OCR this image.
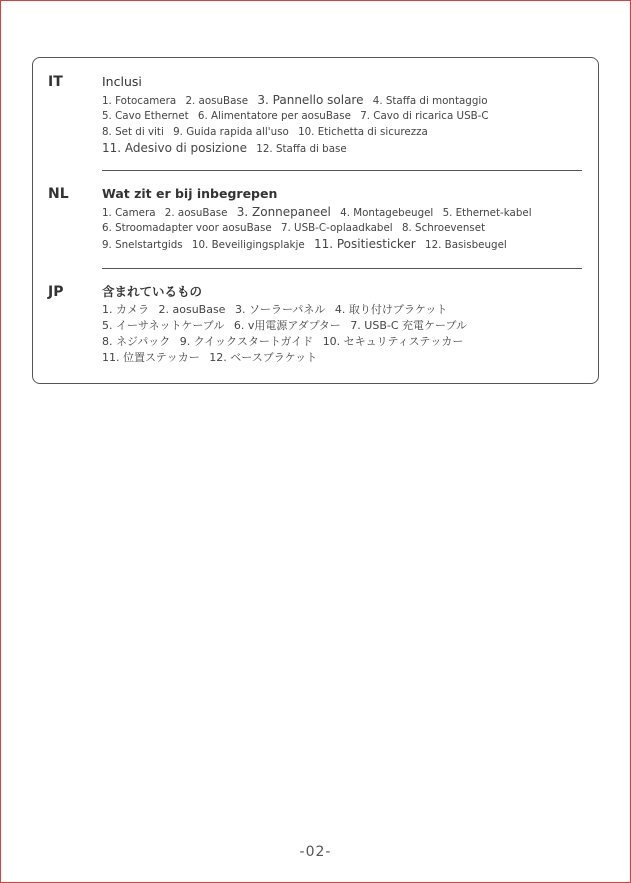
IT	Inclusi
1. Fotocamera 2. aosuBase 3. Pannello solare 4. Staffa di montaggio
5. Cavo Ethernet 6. Alimentatore per aosuBase 7. Cavo di ricarica USB-C
8. Set di viti 9. Guida rapida all'uso 10. Etichetta di sicurezza
11. Adesivo di posizione 12. Staffa di base
NL	Wat zit er bij inbegrepen
1. Camera 2. aosuBase 3. Zonnepaneel 4. Montagebeugel 5. Ethernet-kabel
6. Stroomadapter voor aosuBase 7. USB-C-oplaadkabel 8. Schroevenset
9. Snelstartgids 10. Beveiligingsplakje 11. Positiesticker 12. Basisbeugel
JP	含まれているもの
1. カメラ 2. aosuBase 3. ソーラーパネル 4. 取り付けブラケット
5. イーサネットケーブル 6. v用電源アダプター 7. USB-C 充電ケーブル
8. ネジパック 9. クイックスタートガイド 10. セキュリティステッカー
11. 位置ステッカー 12. ベースブラケット
-02-
